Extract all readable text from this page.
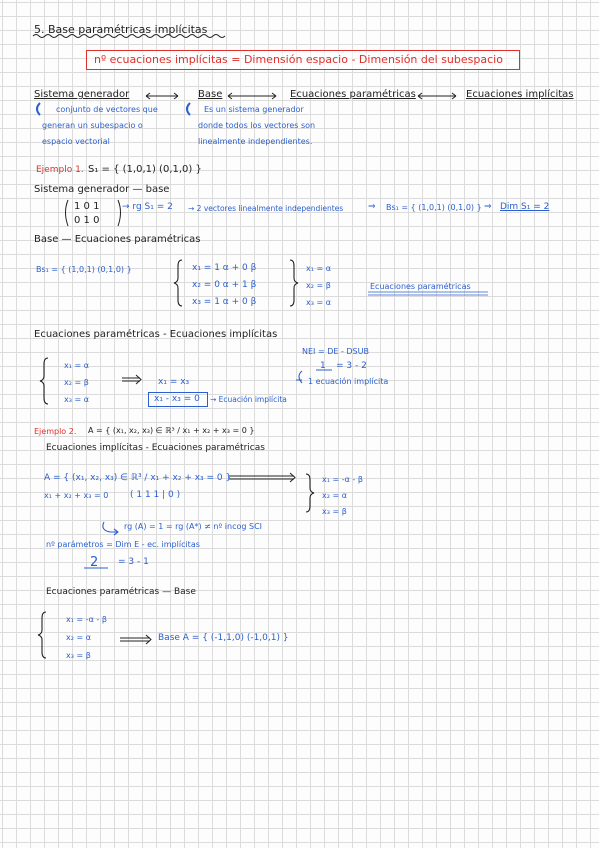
5. Base paramétricas implícitas
nº ecuaciones implícitas = Dimensión espacio - Dimensión del subespacio
Sistema generador	Base	Ecuaciones paramétricas	Ecuaciones implícitas
conjunto de vectores que
generan un subespacio o
espacio vectorial
Es un sistema generador
donde todos los vectores son
linealmente independientes.
Ejemplo 1. S₁ = { (1,0,1) (0,1,0) }
Sistema generador — base
1 0 1
0 1 0
→ rg S₁ = 2 → 2 vectores linealmente independientes	⇒ Bs₁ = { (1,0,1) (0,1,0) } ⇒ Dim S₁ = 2
Base — Ecuaciones paramétricas
Bs₁ = { (1,0,1) (0,1,0) }	x₁ = 1 α + 0 β
x₂ = 0 α + 1 β
x₃ = 1 α + 0 β
x₁ = α
x₂ = β
x₃ = α
Ecuaciones paramétricas
Ecuaciones paramétricas - Ecuaciones implícitas
x₁ = α
x₂ = β
x₃ = α
x₁ = x₃
x₁ - x₃ = 0 → Ecuación implícita
NEI = DE - DSUB
1 = 3 - 2
1 ecuación implícita
Ejemplo 2. A = { (x₁, x₂, x₃) ∈ ℝ³ / x₁ + x₂ + x₃ = 0 }
Ecuaciones implícitas - Ecuaciones paramétricas
A = { (x₁, x₂, x₃) ∈ ℝ³ / x₁ + x₂ + x₃ = 0 }
x₁ + x₂ + x₃ = 0 ( 1 1 1 | 0 )
rg (A) = 1 = rg (A*) ≠ nº incog SCI
x₁ = -α - β
x₂ = α
x₃ = β
nº parámetros = Dim E - ec. implícitas
2 = 3 - 1
Ecuaciones paramétricas — Base
x₁ = -α - β
x₂ = α
x₃ = β
Base A = { (-1,1,0) (-1,0,1) }
